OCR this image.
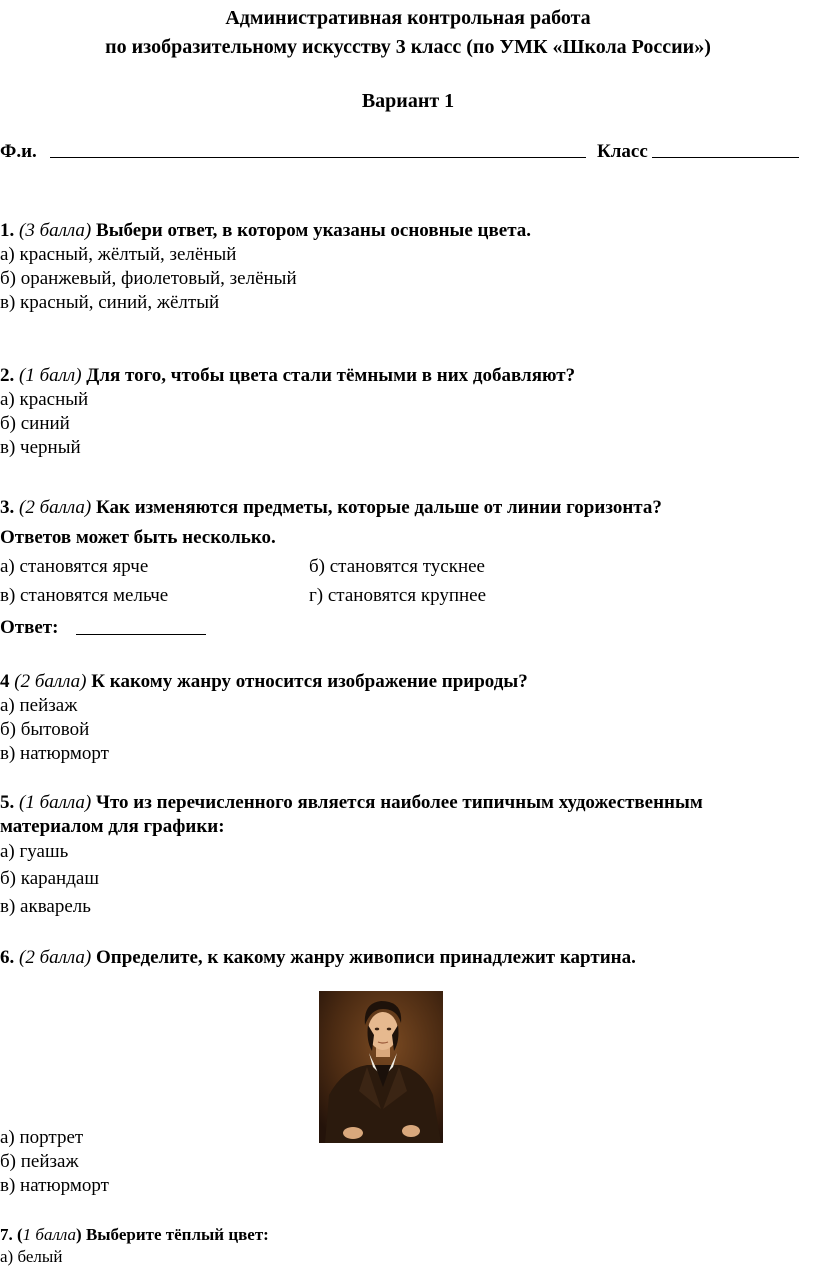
Административная контрольная работа
по изобразительному искусству 3 класс (по УМК «Школа России»)
Вариант 1
Ф.и.	Класс
1. (3 балла) Выбери ответ, в котором указаны основные цвета.
а) красный, жёлтый, зелёный
б) оранжевый, фиолетовый, зелёный
в) красный, синий, жёлтый
2. (1 балл) Для того, чтобы цвета стали тёмными в них добавляют?
а) красный
б) синий
в) черный
3. (2 балла) Как изменяются предметы, которые дальше от линии горизонта?
Ответов может быть несколько.
а) становятся ярче	б) становятся тускнее
в) становятся мельче	г) становятся крупнее
Ответ:
4 (2 балла) К какому жанру относится изображение природы?
а) пейзаж
б) бытовой
в) натюрморт
5. (1 балла) Что из перечисленного является наиболее типичным художественным
материалом для графики:
а) гуашь
б) карандаш
в) акварель
6. (2 балла) Определите, к какому жанру живописи принадлежит картина.
а) портрет
б) пейзаж
в) натюрморт
7. (1 балла) Выберите тёплый цвет:
а) белый
